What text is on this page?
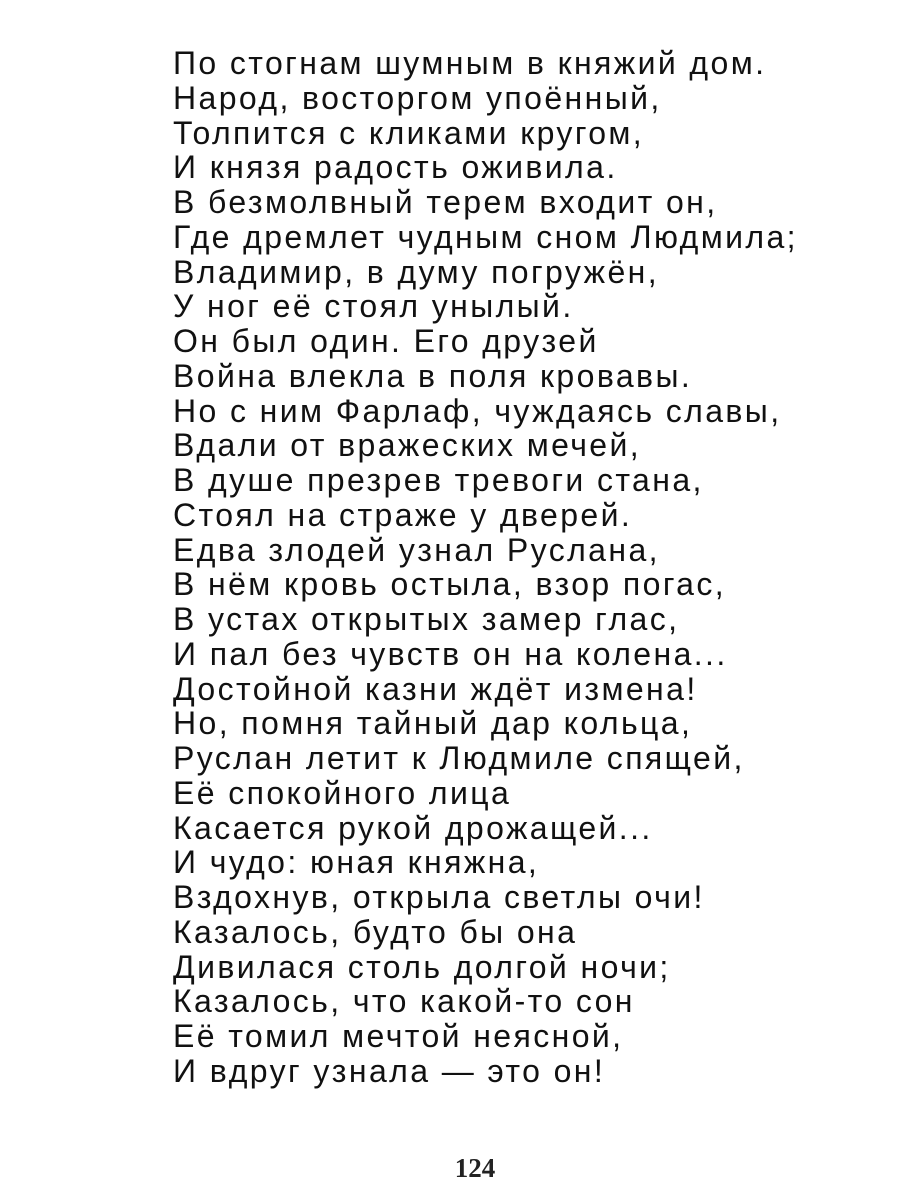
По стогнам шумным в княжий дом.
Народ, восторгом упоённый,
Толпится с кликами кругом,
И князя радость оживила.
В безмолвный терем входит он,
Где дремлет чудным сном Людмила;
Владимир, в думу погружён,
У ног её стоял унылый.
Он был один. Его друзей
Война влекла в поля кровавы.
Но с ним Фарлаф, чуждаясь славы,
Вдали от вражеских мечей,
В душе презрев тревоги стана,
Стоял на страже у дверей.
Едва злодей узнал Руслана,
В нём кровь остыла, взор погас,
В устах открытых замер глас,
И пал без чувств он на колена...
Достойной казни ждёт измена!
Но, помня тайный дар кольца,
Руслан летит к Людмиле спящей,
Её спокойного лица
Касается рукой дрожащей...
И чудо: юная княжна,
Вздохнув, открыла светлы очи!
Казалось, будто бы она
Дивилася столь долгой ночи;
Казалось, что какой-то сон
Её томил мечтой неясной,
И вдруг узнала — это он!
124
